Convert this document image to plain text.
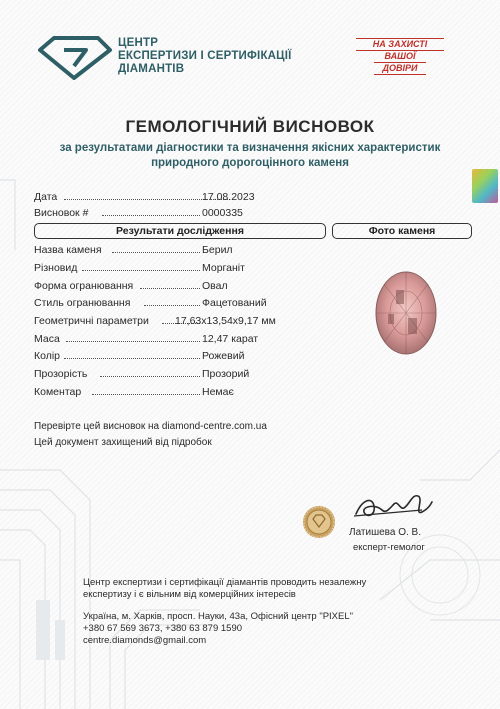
ЦЕНТР
ЕКСПЕРТИЗИ І СЕРТИФІКАЦІЇ
ДІАМАНТІВ
НА ЗАХИСТІ
ВАШОЇ
ДОВІРИ
ГЕМОЛОГІЧНИЙ ВИСНОВОК
за результатами діагностики та визначення якісних характеристик
природного дорогоцінного каменя
Дата	17.08.2023
Висновок #	0000335
Результати дослідження	Фото каменя
Назва каменя	Берил
Різновид	Морганіт
Форма огранювання	Овал
Стиль огранювання	Фацетований
Геометричні параметри 17,63x13,54x9,17 мм
Маса	12,47 карат
Колір	Рожевий
Прозорість	Прозорий
Коментар	Немає
Перевірте цей висновок на diamond-centre.com.ua
Цей документ захищений від підробок
Латишева О. В.
експерт-гемолог
Центр експертизи і сертифікації діамантів проводить незалежну
експертизу і є вільним від комерційних інтересів
Україна, м. Харків, просп. Науки, 43а, Офісний центр "PIXEL"
+380 67 569 3673, +380 63 879 1590
centre.diamonds@gmail.com
